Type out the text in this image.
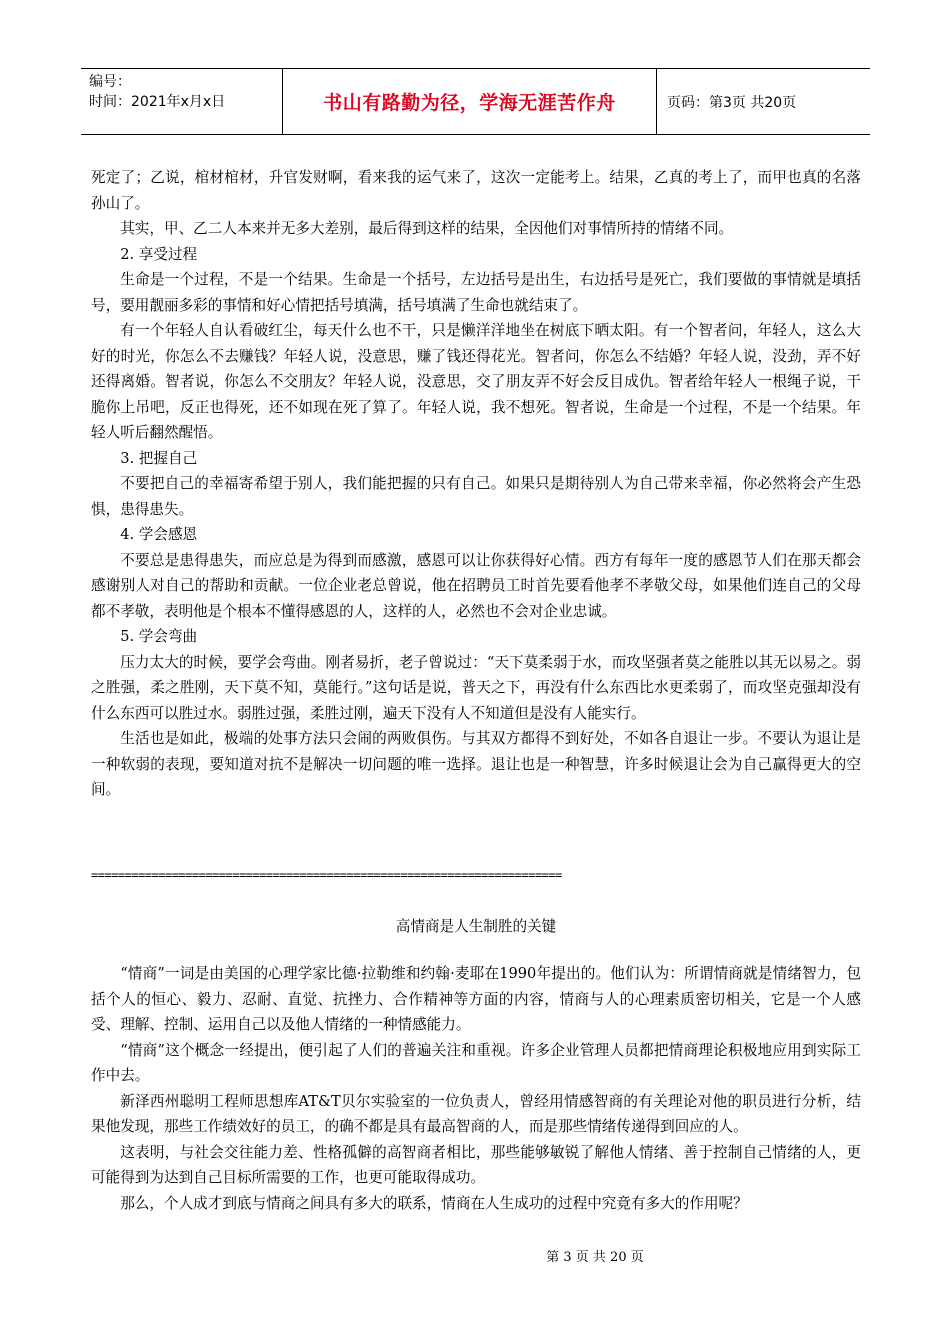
编号：
时间：2021年x月x日	书山有路勤为径，学海无涯苦作舟	页码：第3页 共20页

死定了；乙说，棺材棺材，升官发财啊，看来我的运气来了，这次一定能考上。结果，乙真的考上了，而甲也真的名落孙山了。

其实，甲、乙二人本来并无多大差别，最后得到这样的结果，全因他们对事情所持的情绪不同。

2. 享受过程

生命是一个过程，不是一个结果。生命是一个括号，左边括号是出生，右边括号是死亡，我们要做的事情就是填括号，要用靓丽多彩的事情和好心情把括号填满，括号填满了生命也就结束了。

有一个年轻人自认看破红尘，每天什么也不干，只是懒洋洋地坐在树底下晒太阳。有一个智者问，年轻人，这么大好的时光，你怎么不去赚钱？年轻人说，没意思，赚了钱还得花光。智者问，你怎么不结婚？年轻人说，没劲，弄不好还得离婚。智者说，你怎么不交朋友？年轻人说，没意思，交了朋友弄不好会反目成仇。智者给年轻人一根绳子说，干脆你上吊吧，反正也得死，还不如现在死了算了。年轻人说，我不想死。智者说，生命是一个过程，不是一个结果。年轻人听后翻然醒悟。

3. 把握自己

不要把自己的幸福寄希望于别人，我们能把握的只有自己。如果只是期待别人为自己带来幸福，你必然将会产生恐惧，患得患失。

4. 学会感恩

不要总是患得患失，而应总是为得到而感激，感恩可以让你获得好心情。西方有每年一度的感恩节人们在那天都会感谢别人对自己的帮助和贡献。一位企业老总曾说，他在招聘员工时首先要看他孝不孝敬父母，如果他们连自己的父母都不孝敬，表明他是个根本不懂得感恩的人，这样的人，必然也不会对企业忠诚。

5. 学会弯曲

压力太大的时候，要学会弯曲。刚者易折，老子曾说过：“天下莫柔弱于水，而攻坚强者莫之能胜以其无以易之。弱之胜强，柔之胜刚，天下莫不知，莫能行。”这句话是说，普天之下，再没有什么东西比水更柔弱了，而攻坚克强却没有什么东西可以胜过水。弱胜过强，柔胜过刚，遍天下没有人不知道但是没有人能实行。

生活也是如此，极端的处事方法只会闹的两败俱伤。与其双方都得不到好处，不如各自退让一步。不要认为退让是一种软弱的表现，要知道对抗不是解决一切问题的唯一选择。退让也是一种智慧，许多时候退让会为自己赢得更大的空间。

======================================================================
高情商是人生制胜的关键

“情商”一词是由美国的心理学家比德·拉勒维和约翰·麦耶在1990年提出的。他们认为：所谓情商就是情绪智力，包括个人的恒心、毅力、忍耐、直觉、抗挫力、合作精神等方面的内容，情商与人的心理素质密切相关，它是一个人感受、理解、控制、运用自己以及他人情绪的一种情感能力。

“情商”这个概念一经提出，便引起了人们的普遍关注和重视。许多企业管理人员都把情商理论积极地应用到实际工作中去。

新泽西州聪明工程师思想库AT&T贝尔实验室的一位负责人，曾经用情感智商的有关理论对他的职员进行分析，结果他发现，那些工作绩效好的员工，的确不都是具有最高智商的人，而是那些情绪传递得到回应的人。

这表明，与社会交往能力差、性格孤僻的高智商者相比，那些能够敏锐了解他人情绪、善于控制自己情绪的人，更可能得到为达到自己目标所需要的工作，也更可能取得成功。

那么，个人成才到底与情商之间具有多大的联系，情商在人生成功的过程中究竟有多大的作用呢？

第 3 页 共 20 页
